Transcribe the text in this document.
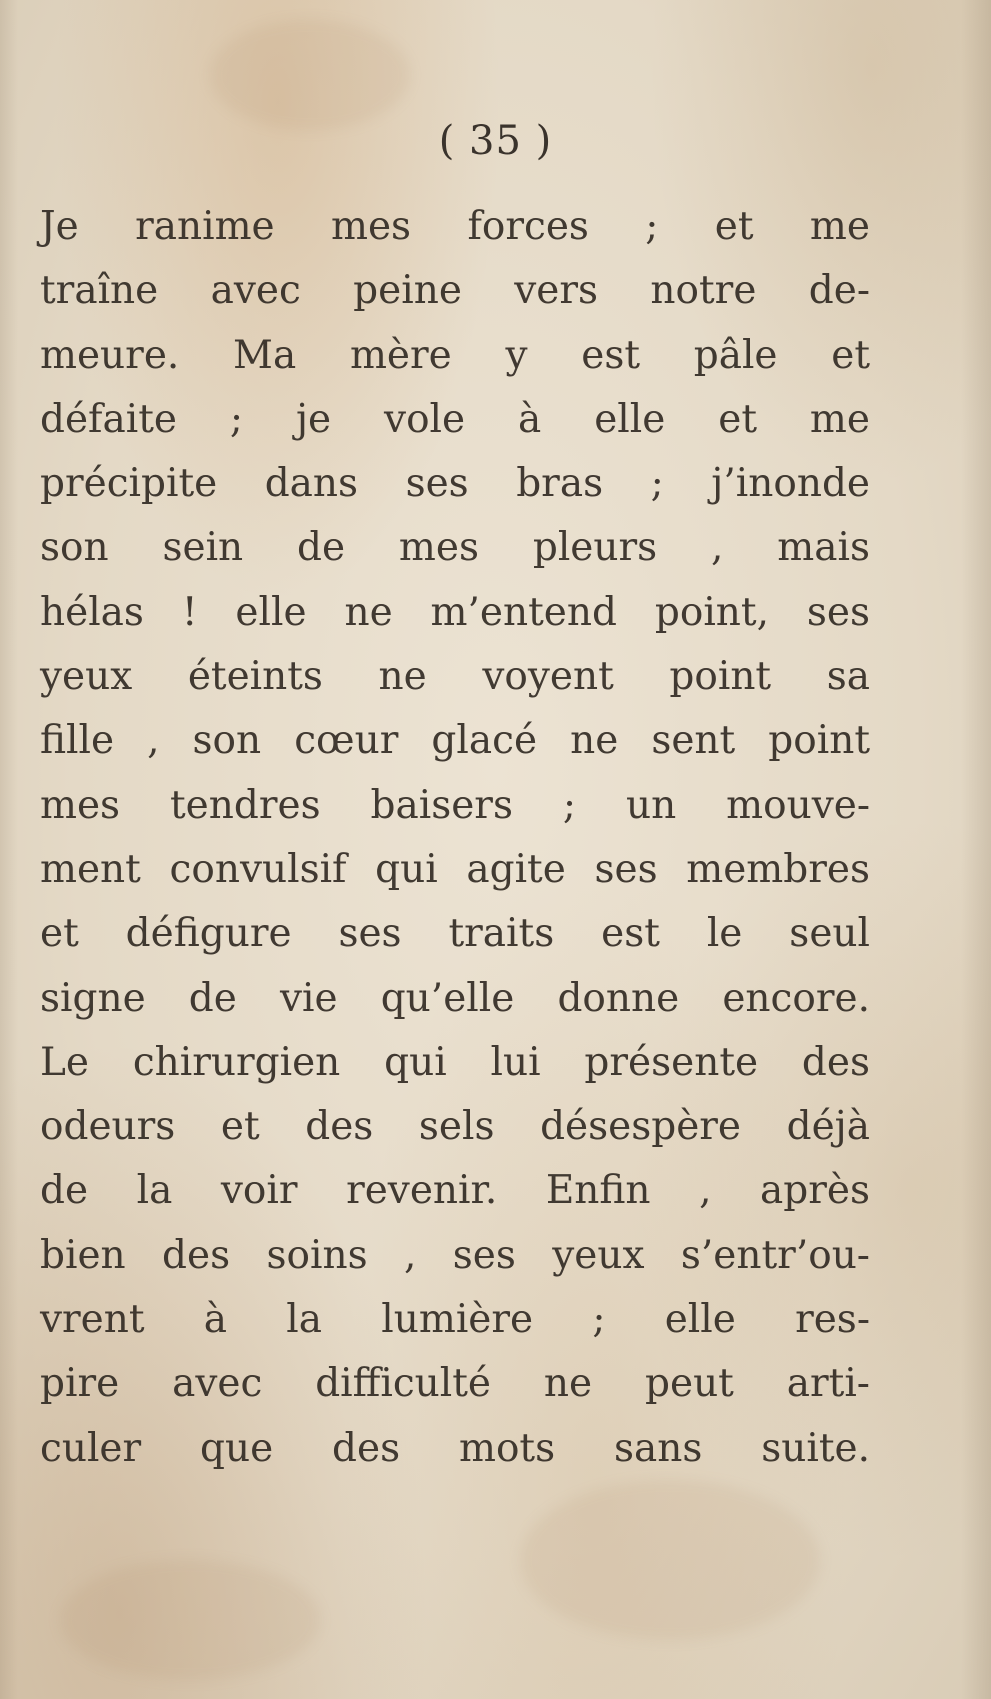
( 35 )
Je ranime mes forces ; et me
traîne avec peine vers notre de-
meure. Ma mère y est pâle et
défaite ; je vole à elle et me
précipite dans ses bras ; j’inonde
son sein de mes pleurs , mais
hélas ! elle ne m’entend point, ses
yeux éteints ne voyent point sa
fille , son cœur glacé ne sent point
mes tendres baisers ; un mouve-
ment convulsif qui agite ses membres
et défigure ses traits est le seul
signe de vie qu’elle donne encore.
Le chirurgien qui lui présente des
odeurs et des sels désespère déjà
de la voir revenir. Enfin , après
bien des soins , ses yeux s’entr’ou-
vrent à la lumière ; elle res-
pire avec difficulté ne peut arti-
culer que des mots sans suite.
